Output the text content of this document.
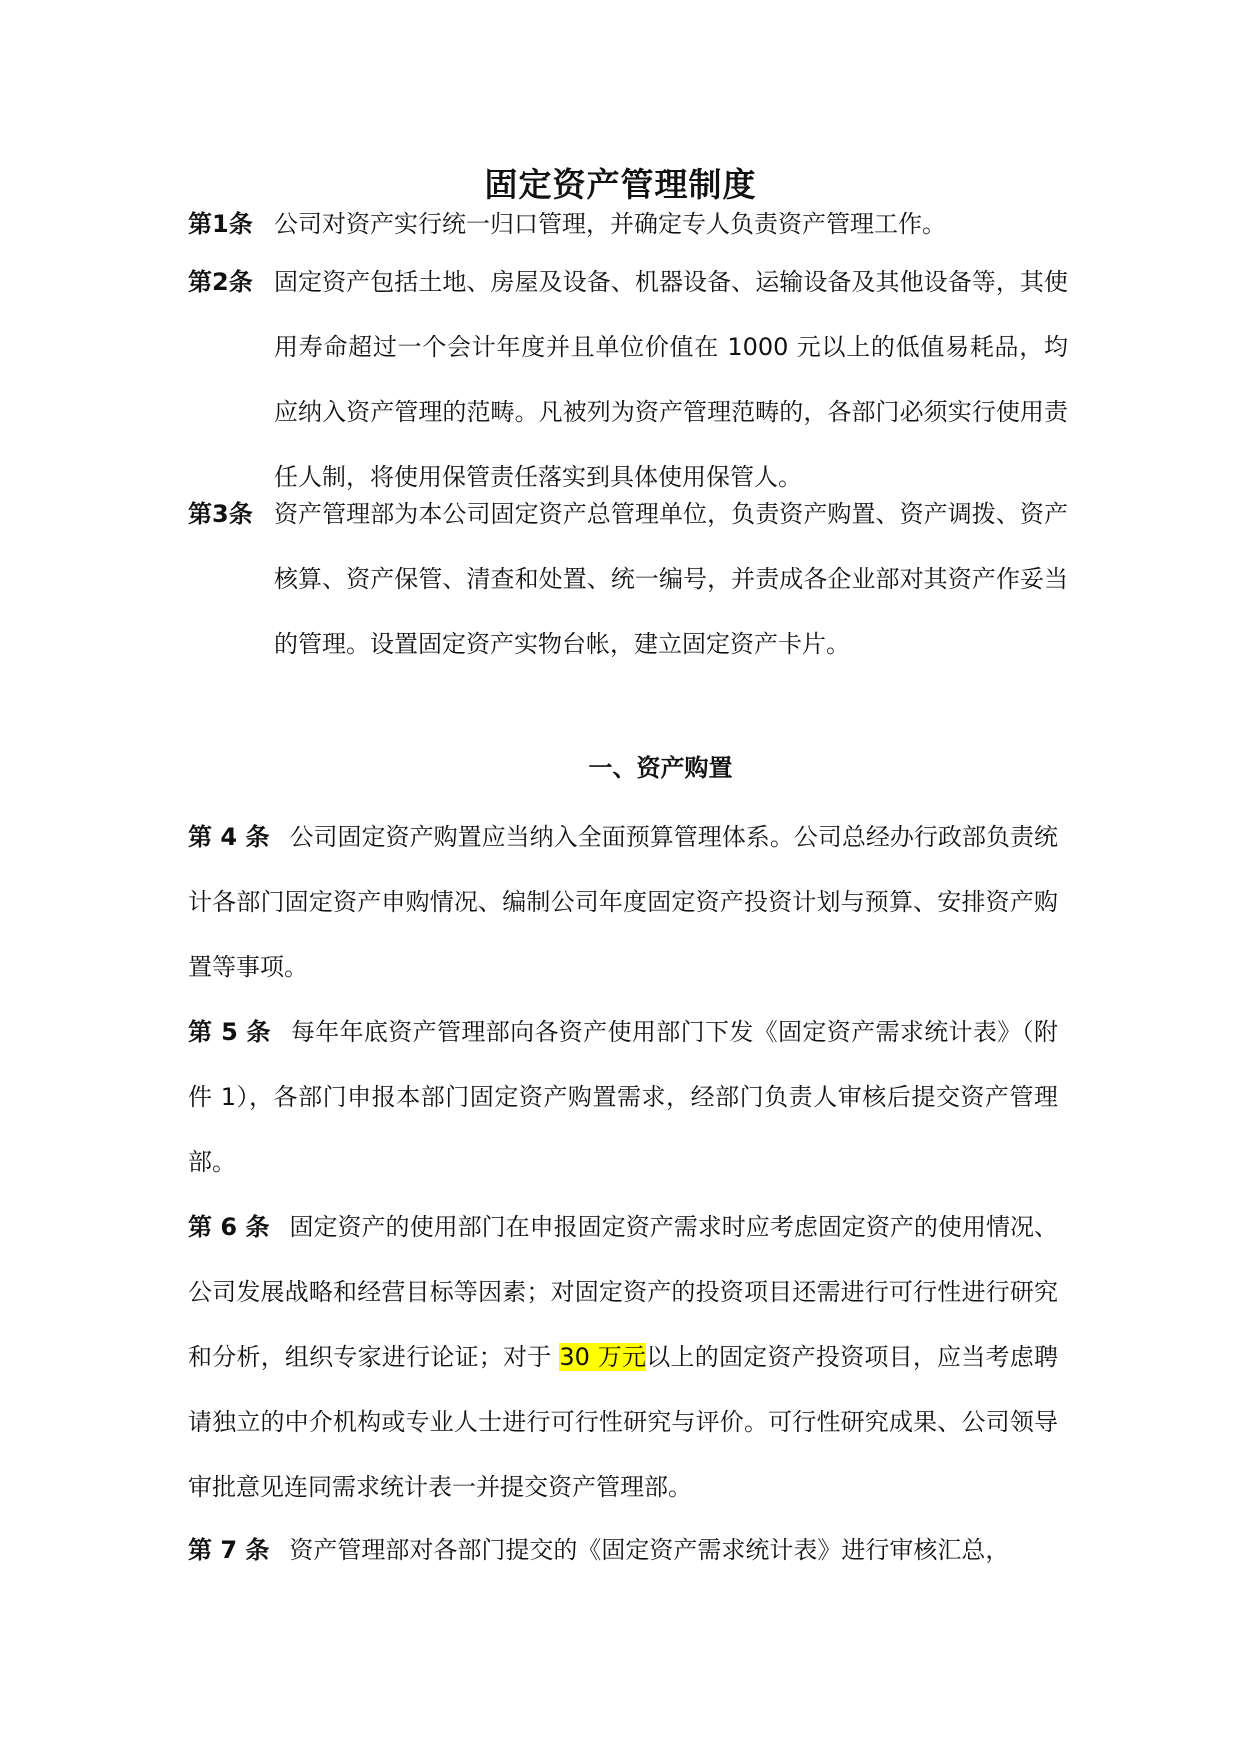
固定资产管理制度
第1条 公司对资产实行统一归口管理，并确定专人负责资产管理工作。
第2条 固定资产包括土地、房屋及设备、机器设备、运输设备及其他设备等，其使用寿命超过一个会计年度并且单位价值在 1000 元以上的低值易耗品，均应纳入资产管理的范畴。凡被列为资产管理范畴的，各部门必须实行使用责任人制，将使用保管责任落实到具体使用保管人。
第3条 资产管理部为本公司固定资产总管理单位，负责资产购置、资产调拨、资产核算、资产保管、清查和处置、统一编号，并责成各企业部对其资产作妥当的管理。设置固定资产实物台帐，建立固定资产卡片。
一、资产购置
第 4 条 公司固定资产购置应当纳入全面预算管理体系。公司总经办行政部负责统计各部门固定资产申购情况、编制公司年度固定资产投资计划与预算、安排资产购置等事项。
第 5 条 每年年底资产管理部向各资产使用部门下发《固定资产需求统计表》（附件 1），各部门申报本部门固定资产购置需求，经部门负责人审核后提交资产管理部。
第 6 条 固定资产的使用部门在申报固定资产需求时应考虑固定资产的使用情况、公司发展战略和经营目标等因素；对固定资产的投资项目还需进行可行性进行研究和分析，组织专家进行论证；对于 30 万元以上的固定资产投资项目，应当考虑聘请独立的中介机构或专业人士进行可行性研究与评价。可行性研究成果、公司领导审批意见连同需求统计表一并提交资产管理部。
第 7 条 资产管理部对各部门提交的《固定资产需求统计表》进行审核汇总，
